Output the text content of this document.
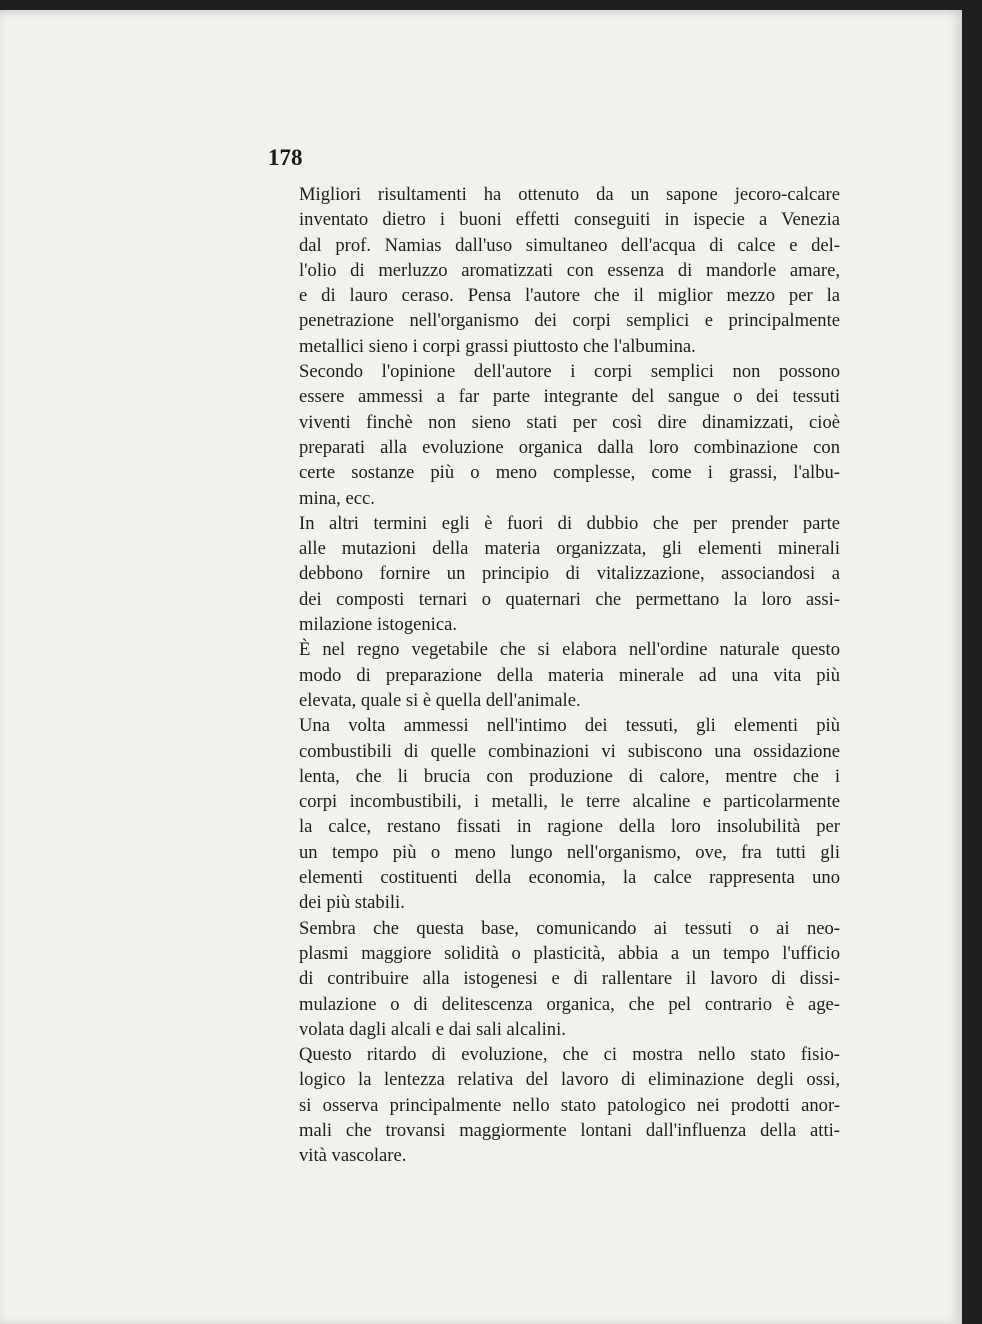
178
Migliori risultamenti ha ottenuto da un sapone jecoro-calcare
inventato dietro i buoni effetti conseguiti in ispecie a Venezia
dal prof. Namias dall'uso simultaneo dell'acqua di calce e del-
l'olio di merluzzo aromatizzati con essenza di mandorle amare,
e di lauro ceraso. Pensa l'autore che il miglior mezzo per la
penetrazione nell'organismo dei corpi semplici e principalmente
metallici sieno i corpi grassi piuttosto che l'albumina.
Secondo l'opinione dell'autore i corpi semplici non possono
essere ammessi a far parte integrante del sangue o dei tessuti
viventi finchè non sieno stati per così dire dinamizzati, cioè
preparati alla evoluzione organica dalla loro combinazione con
certe sostanze più o meno complesse, come i grassi, l'albu-
mina, ecc.
In altri termini egli è fuori di dubbio che per prender parte
alle mutazioni della materia organizzata, gli elementi minerali
debbono fornire un principio di vitalizzazione, associandosi a
dei composti ternari o quaternari che permettano la loro assi-
milazione istogenica.
È nel regno vegetabile che si elabora nell'ordine naturale questo
modo di preparazione della materia minerale ad una vita più
elevata, quale si è quella dell'animale.
Una volta ammessi nell'intimo dei tessuti, gli elementi più
combustibili di quelle combinazioni vi subiscono una ossidazione
lenta, che li brucia con produzione di calore, mentre che i
corpi incombustibili, i metalli, le terre alcaline e particolarmente
la calce, restano fissati in ragione della loro insolubilità per
un tempo più o meno lungo nell'organismo, ove, fra tutti gli
elementi costituenti della economia, la calce rappresenta uno
dei più stabili.
Sembra che questa base, comunicando ai tessuti o ai neo-
plasmi maggiore solidità o plasticità, abbia a un tempo l'ufficio
di contribuire alla istogenesi e di rallentare il lavoro di dissi-
mulazione o di delitescenza organica, che pel contrario è age-
volata dagli alcali e dai sali alcalini.
Questo ritardo di evoluzione, che ci mostra nello stato fisio-
logico la lentezza relativa del lavoro di eliminazione degli ossi,
si osserva principalmente nello stato patologico nei prodotti anor-
mali che trovansi maggiormente lontani dall'influenza della atti-
vità vascolare.
